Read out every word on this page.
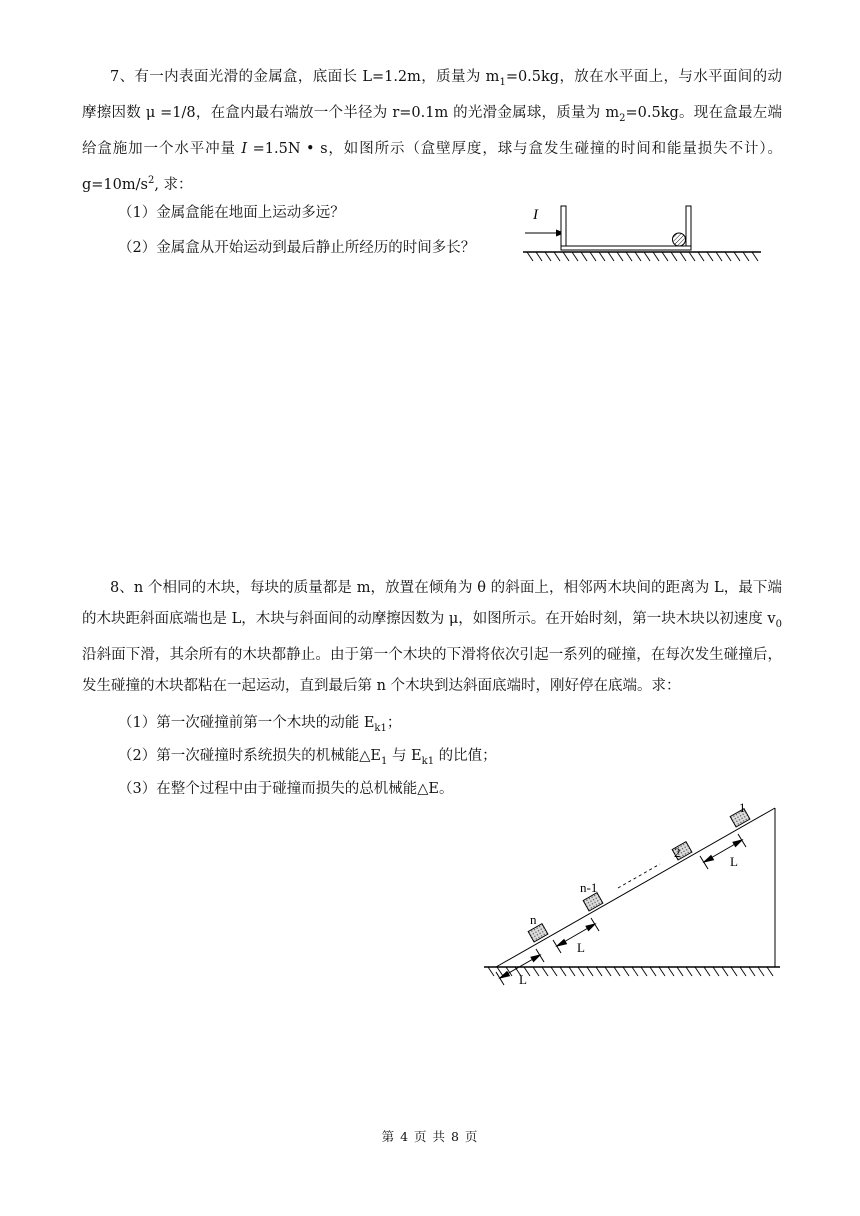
7、有一内表面光滑的金属盒，底面长 L=1.2m，质量为 $m_1=0.5kg$，放在水平面上，与水平面间的动摩擦因数 μ =1/8，在盒内最右端放一个半径为 r=0.1m 的光滑金属球，质量为 $m_2=0.5kg$。现在盒最左端给盒施加一个水平冲量 I =1.5N • s，如图所示（盒壁厚度，球与盒发生碰撞的时间和能量损失不计）。$g=10m/s^2$, 求：

（1）金属盒能在地面上运动多远？
（2）金属盒从开始运动到最后静止所经历的时间多长？
I

8、n 个相同的木块，每块的质量都是 m，放置在倾角为 θ 的斜面上，相邻两木块间的距离为 L，最下端的木块距斜面底端也是 L，木块与斜面间的动摩擦因数为 μ，如图所示。在开始时刻，第一块木块以初速度 $v_0$沿斜面下滑，其余所有的木块都静止。由于第一个木块的下滑将依次引起一系列的碰撞，在每次发生碰撞后，发生碰撞的木块都粘在一起运动，直到最后第 n 个木块到达斜面底端时，刚好停在底端。求：

（1）第一次碰撞前第一个木块的动能 $E_{k1}$；
（2）第一次碰撞时系统损失的机械能$\triangle E_1$ 与 $E_{k1}$ 的比值；
（3）在整个过程中由于碰撞而损失的总机械能△E。
1
2
n-1
n
L
L
L
第 4 页 共 8 页
